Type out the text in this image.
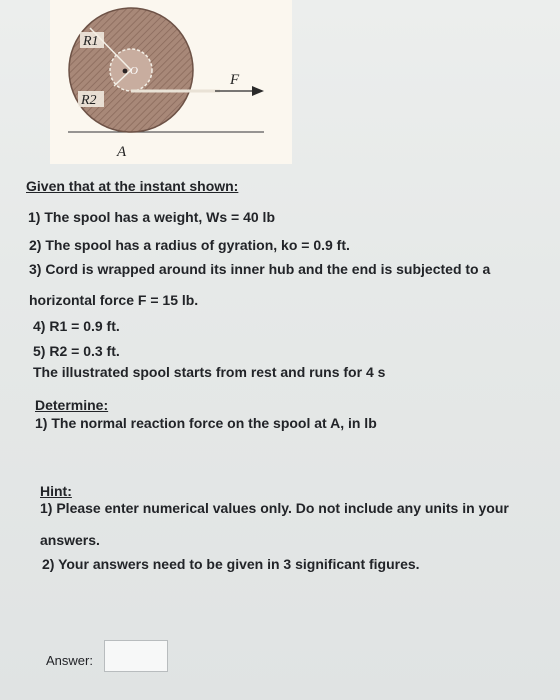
R1
R2
O
F
A
Given that at the instant shown:
1) The spool has a weight, Ws = 40 lb
2) The spool has a radius of gyration, ko = 0.9 ft.
3) Cord is wrapped around its inner hub and the end is subjected to a
horizontal force F = 15 lb.
4) R1 = 0.9 ft.
5) R2 = 0.3 ft.
The illustrated spool starts from rest and runs for 4 s
Determine:
1) The normal reaction force on the spool at A, in lb
Hint:
1) Please enter numerical values only. Do not include any units in your
answers.
2) Your answers need to be given in 3 significant figures.
Answer:
